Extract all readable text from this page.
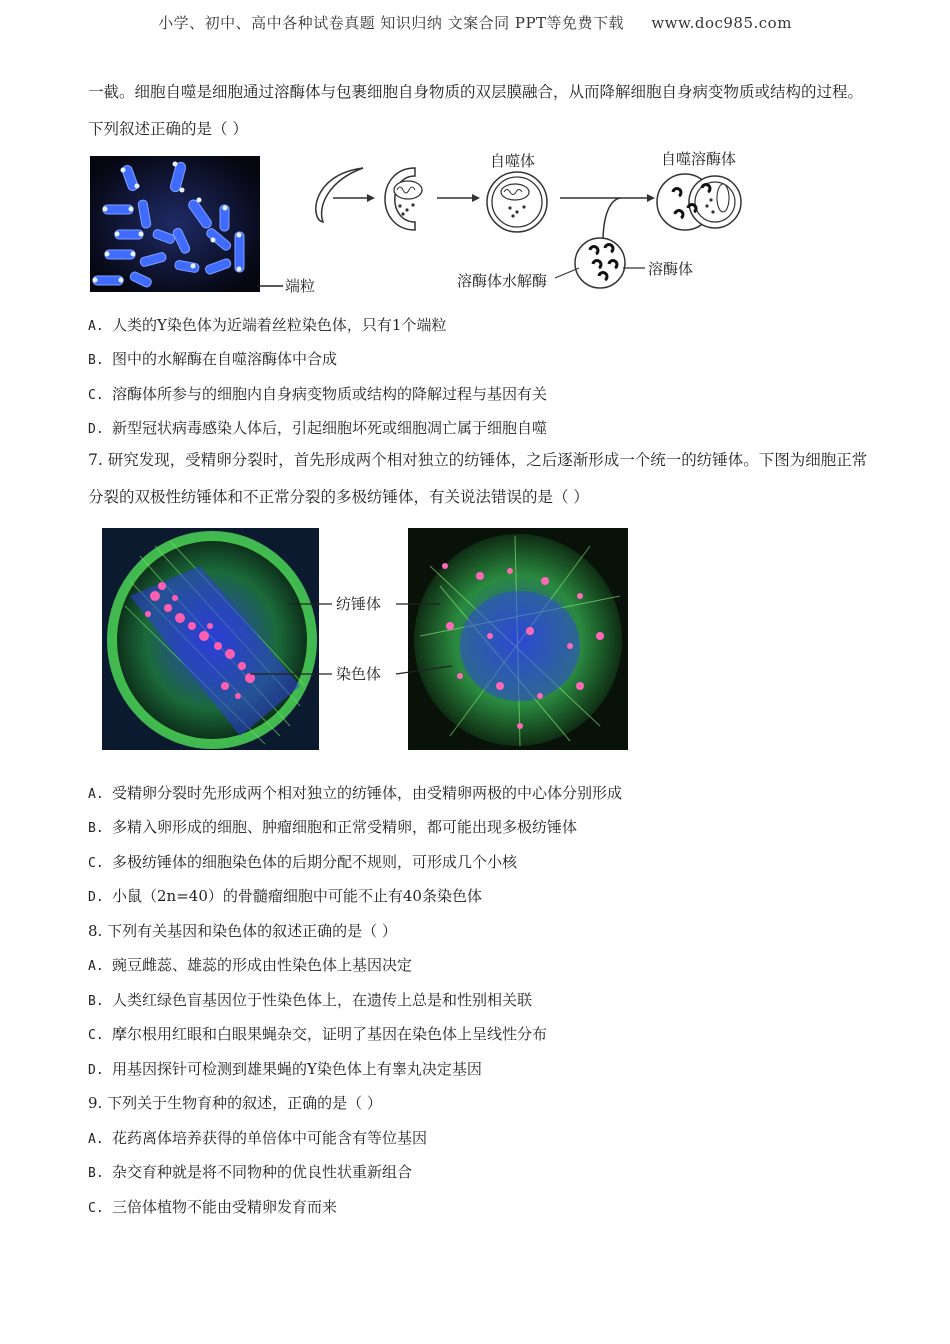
小学、初中、高中各种试卷真题 知识归纳 文案合同 PPT等免费下载 www.doc985.com
一截。细胞自噬是细胞通过溶酶体与包裹细胞自身物质的双层膜融合，从而降解细胞自身病变物质或结构的过程。下列叙述正确的是（ ）
端粒
自噬体	自噬溶酶体
溶酶体水解酶
溶酶体
A. 人类的Y染色体为近端着丝粒染色体，只有1个端粒
B. 图中的水解酶在自噬溶酶体中合成
C. 溶酶体所参与的细胞内自身病变物质或结构的降解过程与基因有关
D. 新型冠状病毒感染人体后，引起细胞坏死或细胞凋亡属于细胞自噬
7. 研究发现，受精卵分裂时，首先形成两个相对独立的纺锤体，之后逐渐形成一个统一的纺锤体。下图为细胞正常分裂的双极性纺锤体和不正常分裂的多极纺锤体，有关说法错误的是（ ）
纺锤体
染色体
A. 受精卵分裂时先形成两个相对独立的纺锤体，由受精卵两极的中心体分别形成
B. 多精入卵形成的细胞、肿瘤细胞和正常受精卵，都可能出现多极纺锤体
C. 多极纺锤体的细胞染色体的后期分配不规则，可形成几个小核
D. 小鼠（2n=40）的骨髓瘤细胞中可能不止有40条染色体
8. 下列有关基因和染色体的叙述正确的是（ ）
A. 豌豆雌蕊、雄蕊的形成由性染色体上基因决定
B. 人类红绿色盲基因位于性染色体上，在遗传上总是和性别相关联
C. 摩尔根用红眼和白眼果蝇杂交，证明了基因在染色体上呈线性分布
D. 用基因探针可检测到雄果蝇的Y染色体上有睾丸决定基因
9. 下列关于生物育种的叙述，正确的是（ ）
A. 花药离体培养获得的单倍体中可能含有等位基因
B. 杂交育种就是将不同物种的优良性状重新组合
C. 三倍体植物不能由受精卵发育而来
